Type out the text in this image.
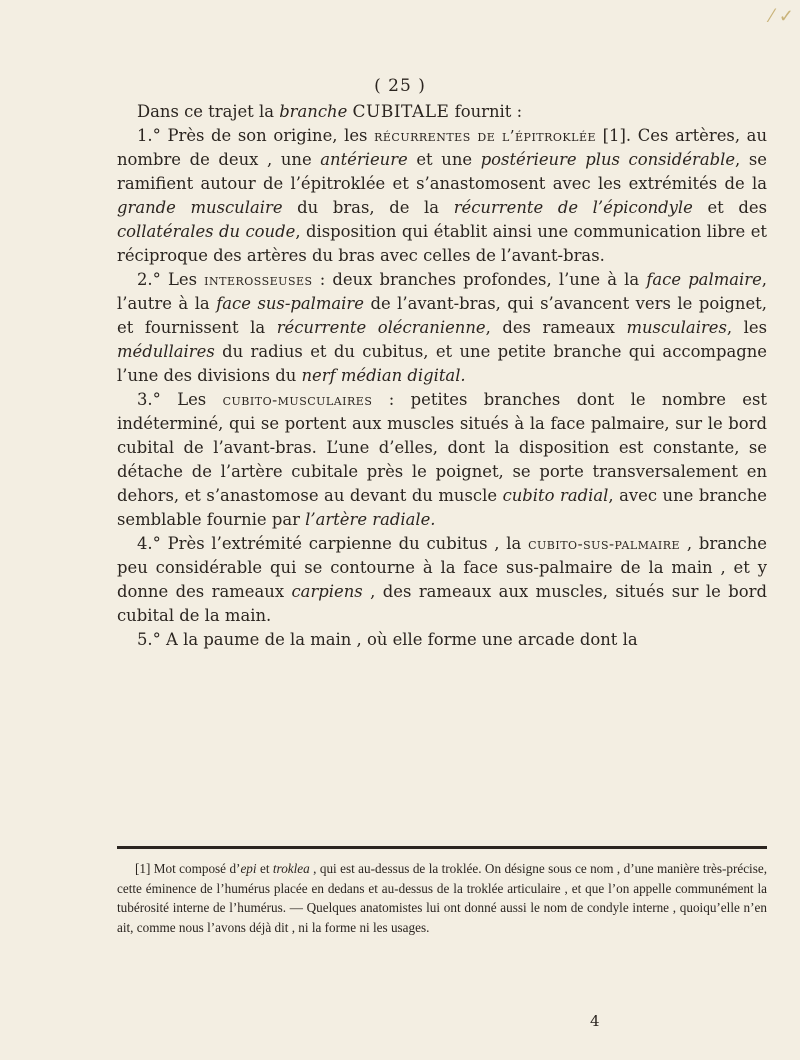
⁄ ✓
( 25 )

Dans ce trajet la branche CUBITALE fournit :

1.° Près de son origine, les récurrentes de l’épitroklée [1]. Ces artères, au nombre de deux , une antérieure et une postérieure plus considérable, se ramifient autour de l’épitroklée et s’anastomosent avec les extrémités de la grande musculaire du bras, de la récurrente de l’épicondyle et des collatérales du coude, disposition qui établit ainsi une communication libre et réciproque des artères du bras avec celles de l’avant-bras.

2.° Les interosseuses : deux branches profondes, l’une à la face palmaire, l’autre à la face sus-palmaire de l’avant-bras, qui s’avancent vers le poignet, et fournissent la récurrente olécranienne, des rameaux musculaires, les médullaires du radius et du cubitus, et une petite branche qui accompagne l’une des divisions du nerf médian digital.

3.° Les cubito-musculaires : petites branches dont le nombre est indéterminé, qui se portent aux muscles situés à la face palmaire, sur le bord cubital de l’avant-bras. L’une d’elles, dont la disposition est constante, se détache de l’artère cubitale près le poignet, se porte transversalement en dehors, et s’anastomose au devant du muscle cubito radial, avec une branche semblable fournie par l’artère radiale.

4.° Près l’extrémité carpienne du cubitus , la cubito-sus-palmaire , branche peu considérable qui se contourne à la face sus-palmaire de la main , et y donne des rameaux carpiens , des rameaux aux muscles, situés sur le bord cubital de la main.

5.° A la paume de la main , où elle forme une arcade dont la

[1] Mot composé d’epi et troklea , qui est au-dessus de la troklée. On désigne sous ce nom , d’une manière très-précise, cette éminence de l’humérus placée en dedans et au-dessus de la troklée articulaire , et que l’on appelle communément la tubérosité interne de l’humérus. — Quelques anatomistes lui ont donné aussi le nom de condyle interne , quoiqu’elle n’en ait, comme nous l’avons déjà dit , ni la forme ni les usages.

4
